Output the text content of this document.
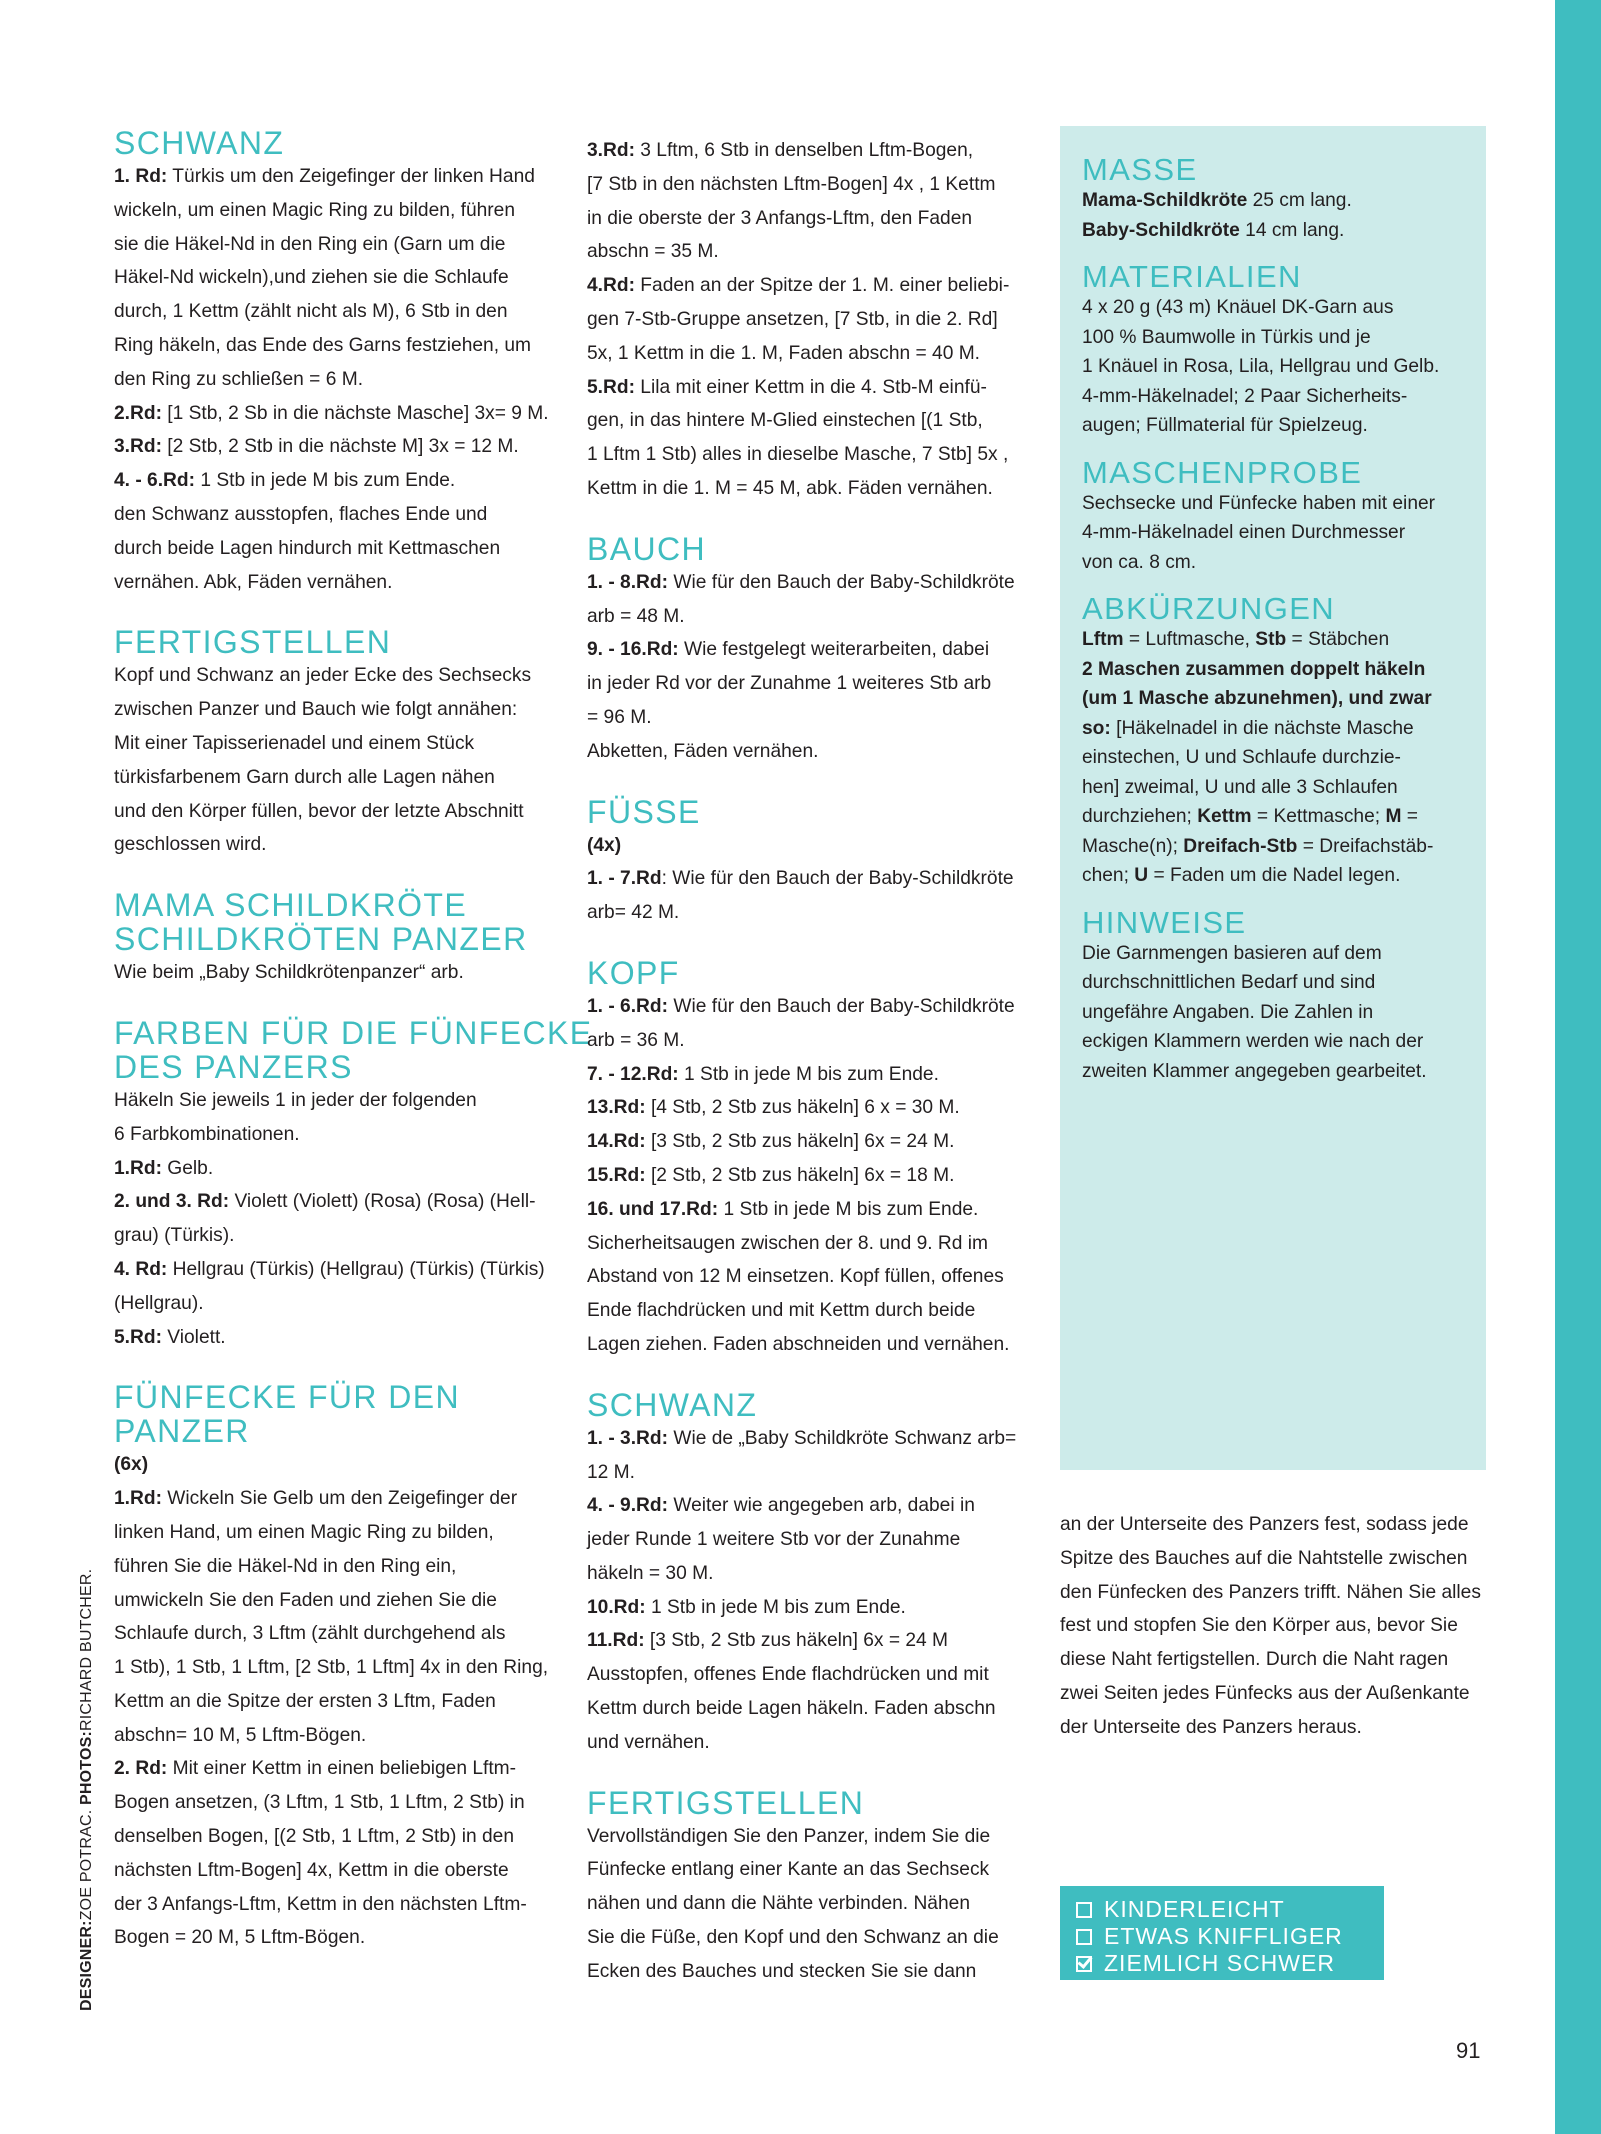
SCHWANZ
1. Rd: Türkis um den Zeigefinger der linken Hand
wickeln, um einen Magic Ring zu bilden, führen
sie die Häkel-Nd in den Ring ein (Garn um die
Häkel-Nd wickeln),und ziehen sie die Schlaufe
durch, 1 Kettm (zählt nicht als M), 6 Stb in den
Ring häkeln, das Ende des Garns festziehen, um
den Ring zu schließen = 6 M.
2.Rd: [1 Stb, 2 Sb in die nächste Masche] 3x= 9 M.
3.Rd: [2 Stb, 2 Stb in die nächste M] 3x = 12 M.
4. - 6.Rd: 1 Stb in jede M bis zum Ende.
den Schwanz ausstopfen, flaches Ende und
durch beide Lagen hindurch mit Kettmaschen
vernähen. Abk, Fäden vernähen.
FERTIGSTELLEN
Kopf und Schwanz an jeder Ecke des Sechsecks
zwischen Panzer und Bauch wie folgt annähen:
Mit einer Tapisserienadel und einem Stück
türkisfarbenem Garn durch alle Lagen nähen
und den Körper füllen, bevor der letzte Abschnitt
geschlossen wird.
MAMA SCHILDKRÖTE
SCHILDKRÖTEN PANZER
Wie beim „Baby Schildkrötenpanzer“ arb.
FARBEN FÜR DIE FÜNFECKE
DES PANZERS
Häkeln Sie jeweils 1 in jeder der folgenden
6 Farbkombinationen.
1.Rd: Gelb.
2. und 3. Rd: Violett (Violett) (Rosa) (Rosa) (Hell-
grau) (Türkis).
4. Rd: Hellgrau (Türkis) (Hellgrau) (Türkis) (Türkis)
(Hellgrau).
5.Rd: Violett.
FÜNFECKE FÜR DEN
PANZER
(6x)
1.Rd: Wickeln Sie Gelb um den Zeigefinger der
linken Hand, um einen Magic Ring zu bilden,
führen Sie die Häkel-Nd in den Ring ein,
umwickeln Sie den Faden und ziehen Sie die
Schlaufe durch, 3 Lftm (zählt durchgehend als
1 Stb), 1 Stb, 1 Lftm, [2 Stb, 1 Lftm] 4x in den Ring,
Kettm an die Spitze der ersten 3 Lftm, Faden
abschn= 10 M, 5 Lftm-Bögen.
2. Rd: Mit einer Kettm in einen beliebigen Lftm-
Bogen ansetzen, (3 Lftm, 1 Stb, 1 Lftm, 2 Stb) in
denselben Bogen, [(2 Stb, 1 Lftm, 2 Stb) in den
nächsten Lftm-Bogen] 4x, Kettm in die oberste
der 3 Anfangs-Lftm, Kettm in den nächsten Lftm-
Bogen = 20 M, 5 Lftm-Bögen.
3.Rd: 3 Lftm, 6 Stb in denselben Lftm-Bogen,
[7 Stb in den nächsten Lftm-Bogen] 4x , 1 Kettm
in die oberste der 3 Anfangs-Lftm, den Faden
abschn = 35 M.
4.Rd: Faden an der Spitze der 1. M. einer beliebi-
gen 7-Stb-Gruppe ansetzen, [7 Stb, in die 2. Rd]
5x, 1 Kettm in die 1. M, Faden abschn = 40 M.
5.Rd: Lila mit einer Kettm in die 4. Stb-M einfü-
gen, in das hintere M-Glied einstechen [(1 Stb,
1 Lftm 1 Stb) alles in dieselbe Masche, 7 Stb] 5x ,
Kettm in die 1. M = 45 M, abk. Fäden vernähen.
BAUCH
1. - 8.Rd: Wie für den Bauch der Baby-Schildkröte
arb = 48 M.
9. - 16.Rd: Wie festgelegt weiterarbeiten, dabei
in jeder Rd vor der Zunahme 1 weiteres Stb arb
= 96 M.
Abketten, Fäden vernähen.
FÜSSE
(4x)
1. - 7.Rd: Wie für den Bauch der Baby-Schildkröte
arb= 42 M.
KOPF
1. - 6.Rd: Wie für den Bauch der Baby-Schildkröte
arb = 36 M.
7. - 12.Rd: 1 Stb in jede M bis zum Ende.
13.Rd: [4 Stb, 2 Stb zus häkeln] 6 x = 30 M.
14.Rd: [3 Stb, 2 Stb zus häkeln] 6x = 24 M.
15.Rd: [2 Stb, 2 Stb zus häkeln] 6x = 18 M.
16. und 17.Rd: 1 Stb in jede M bis zum Ende.
Sicherheitsaugen zwischen der 8. und 9. Rd im
Abstand von 12 M einsetzen. Kopf füllen, offenes
Ende flachdrücken und mit Kettm durch beide
Lagen ziehen. Faden abschneiden und vernähen.
SCHWANZ
1. - 3.Rd: Wie de „Baby Schildkröte Schwanz arb=
12 M.
4. - 9.Rd: Weiter wie angegeben arb, dabei in
jeder Runde 1 weitere Stb vor der Zunahme
häkeln = 30 M.
10.Rd: 1 Stb in jede M bis zum Ende.
11.Rd: [3 Stb, 2 Stb zus häkeln] 6x = 24 M
Ausstopfen, offenes Ende flachdrücken und mit
Kettm durch beide Lagen häkeln. Faden abschn
und vernähen.
FERTIGSTELLEN
Vervollständigen Sie den Panzer, indem Sie die
Fünfecke entlang einer Kante an das Sechseck
nähen und dann die Nähte verbinden. Nähen
Sie die Füße, den Kopf und den Schwanz an die
Ecken des Bauches und stecken Sie sie dann
MASSE
Mama-Schildkröte 25 cm lang.
Baby-Schildkröte 14 cm lang.
MATERIALIEN
4 x 20 g (43 m) Knäuel DK-Garn aus
100 % Baumwolle in Türkis und je
1 Knäuel in Rosa, Lila, Hellgrau und Gelb.
4-mm-Häkelnadel; 2 Paar Sicherheits-
augen; Füllmaterial für Spielzeug.
MASCHENPROBE
Sechsecke und Fünfecke haben mit einer
4-mm-Häkelnadel einen Durchmesser
von ca. 8 cm.
ABKÜRZUNGEN
Lftm = Luftmasche, Stb = Stäbchen
2 Maschen zusammen doppelt häkeln
(um 1 Masche abzunehmen), und zwar
so: [Häkelnadel in die nächste Masche
einstechen, U und Schlaufe durchzie-
hen] zweimal, U und alle 3 Schlaufen
durchziehen; Kettm = Kettmasche; M =
Masche(n); Dreifach-Stb = Dreifachstäb-
chen; U = Faden um die Nadel legen.
HINWEISE
Die Garnmengen basieren auf dem
durchschnittlichen Bedarf und sind
ungefähre Angaben. Die Zahlen in
eckigen Klammern werden wie nach der
zweiten Klammer angegeben gearbeitet.
an der Unterseite des Panzers fest, sodass jede
Spitze des Bauches auf die Nahtstelle zwischen
den Fünfecken des Panzers trifft. Nähen Sie alles
fest und stopfen Sie den Körper aus, bevor Sie
diese Naht fertigstellen. Durch die Naht ragen
zwei Seiten jedes Fünfecks aus der Außenkante
der Unterseite des Panzers heraus.
KINDERLEICHT
ETWAS KNIFFLIGER
ZIEMLICH SCHWER
SEHR SCHWER
DESIGNER:ZOE POTRAC. PHOTOS:RICHARD BUTCHER.
91
